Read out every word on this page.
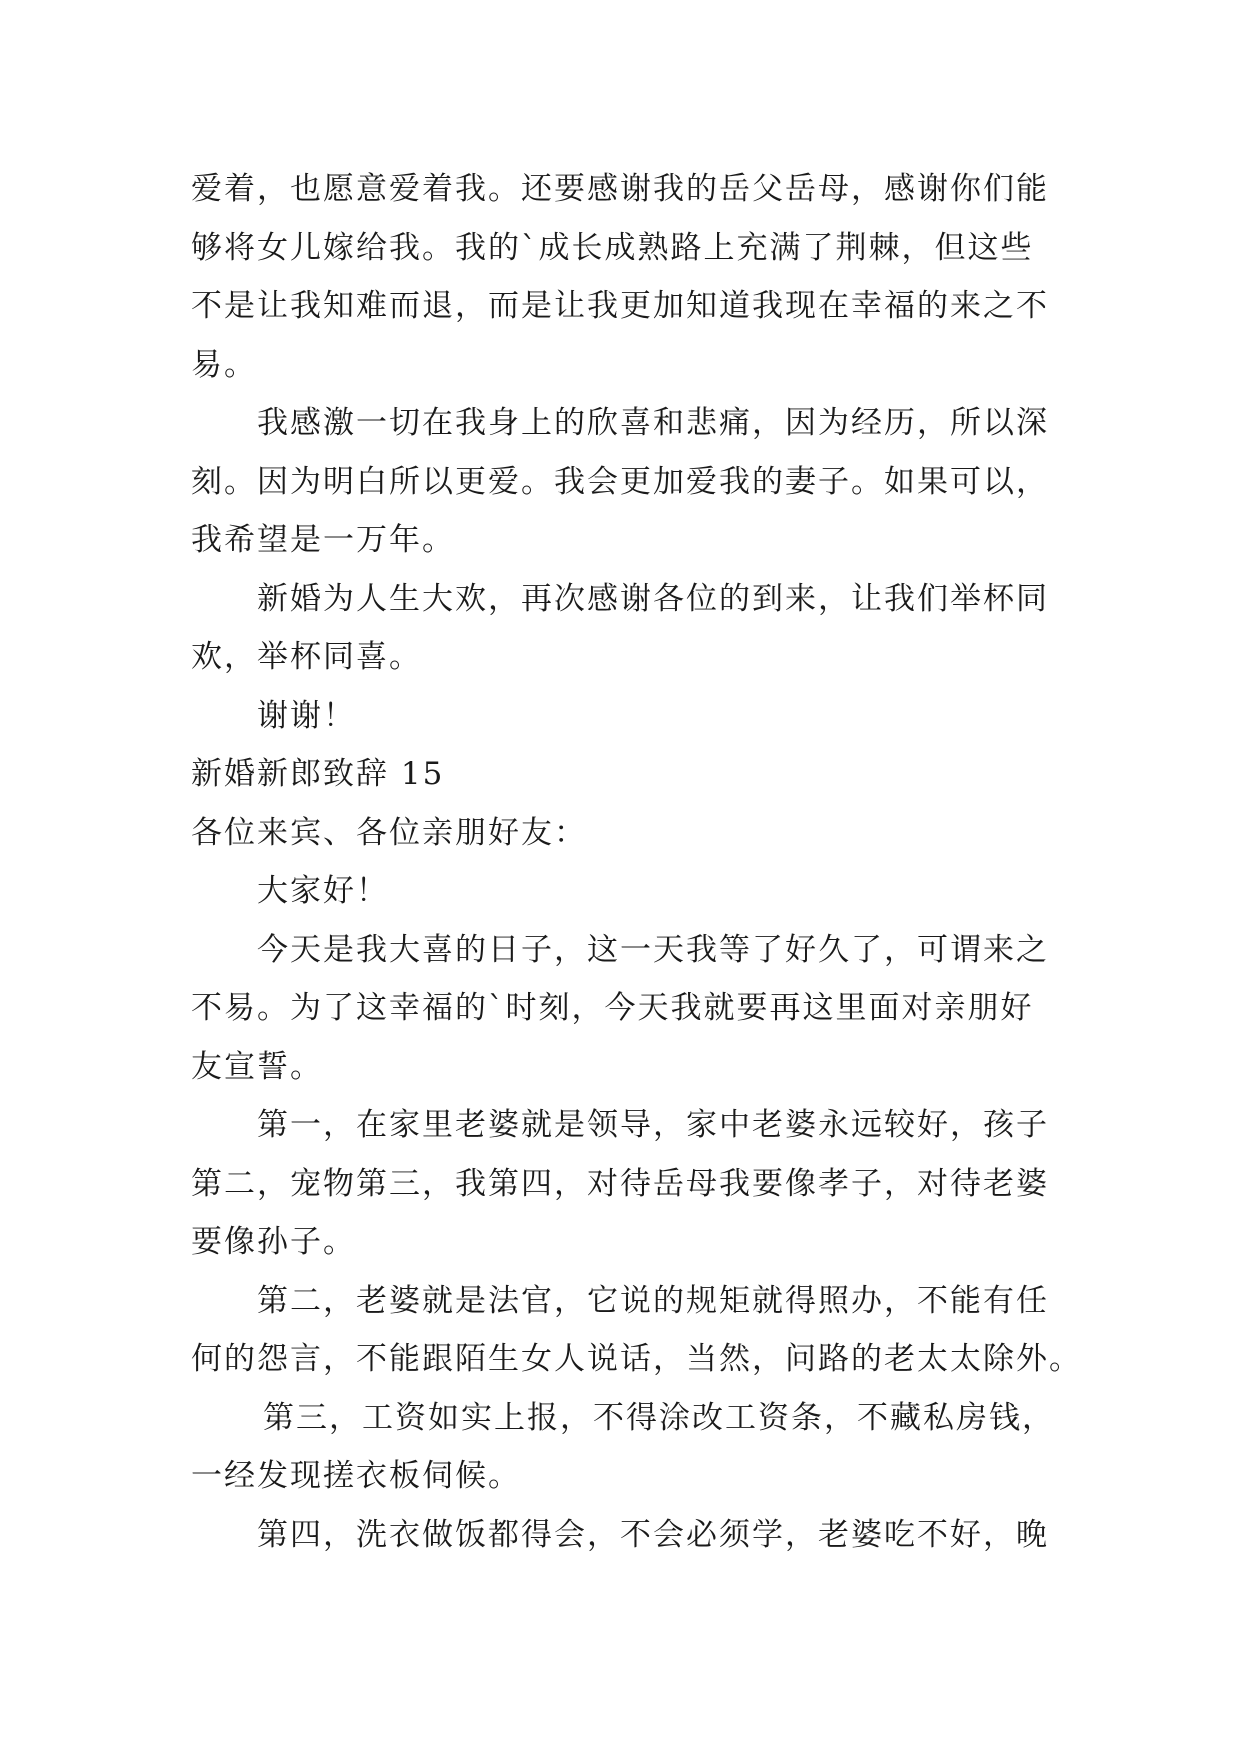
爱着，也愿意爱着我。还要感谢我的岳父岳母，感谢你们能

够将女儿嫁给我。我的`成长成熟路上充满了荆棘，但这些

不是让我知难而退，而是让我更加知道我现在幸福的来之不

易。

我感激一切在我身上的欣喜和悲痛，因为经历，所以深

刻。因为明白所以更爱。我会更加爱我的妻子。如果可以，

我希望是一万年。

新婚为人生大欢，再次感谢各位的到来，让我们举杯同

欢，举杯同喜。

谢谢！

新婚新郎致辞 15

各位来宾、各位亲朋好友：

大家好！

今天是我大喜的日子，这一天我等了好久了，可谓来之

不易。为了这幸福的`时刻，今天我就要再这里面对亲朋好

友宣誓。

第一，在家里老婆就是领导，家中老婆永远较好，孩子

第二，宠物第三，我第四，对待岳母我要像孝子，对待老婆

要像孙子。

第二，老婆就是法官，它说的规矩就得照办，不能有任

何的怨言，不能跟陌生女人说话，当然，问路的老太太除外。

第三，工资如实上报，不得涂改工资条，不藏私房钱，

一经发现搓衣板伺候。

第四，洗衣做饭都得会，不会必须学，老婆吃不好，晚
